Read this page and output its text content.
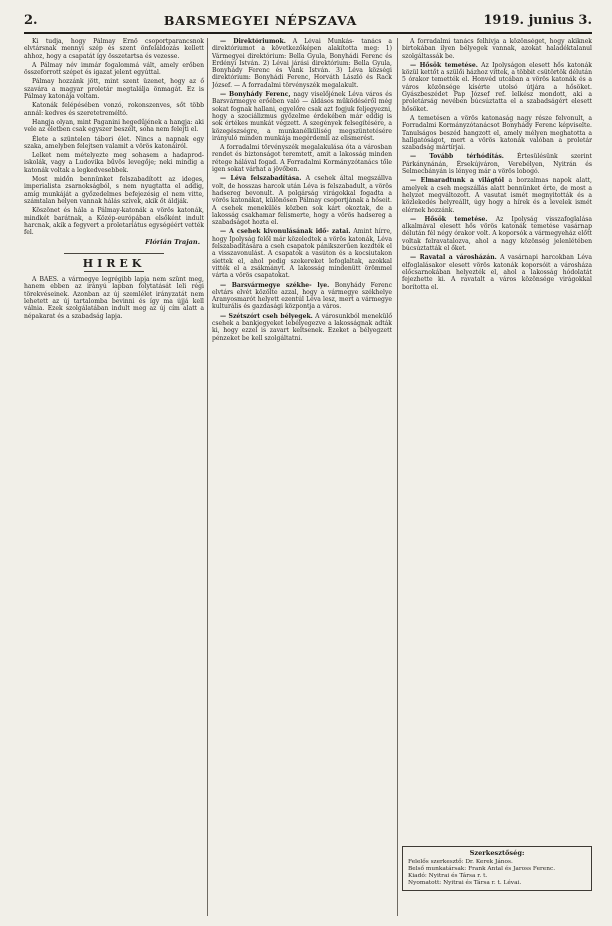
2.	BARSMEGYEI NÉPSZAVA	1919. junius 3.

Ki tudja, hogy Pálmay Ernő csoportparancsnok elvtársnak mennyi szép és szent önfeláldozás kellett ahhoz, hogy a csapatát így összetartsa és vezesse.

A Pálmay név immár fogalommá vált, amely erőben összeforrott szépet és igazat jelent egyúttal.

Pálmay hozzánk jött, mint szent üzenet, hogy az ő szavára a magyar proletár megtalálja önmagát. Ez is Pálmay katonája voltam.

Katonák felépésében vonzó, rokonszenves, sőt több annál: kedves és szeretetreméltó.

Hangja olyan, mint Paganini hegedűjének a hangja: aki vele az életben csak egyszer beszélt, soha nem felejti el.

Élete a szüntelen tábori élet. Nincs a napnak egy szaka, amelyben felejtsen valamit a vörös katonáiról.

Lelket nem mételyezte meg sohasem a hadaprod-iskolák, vagy a Ludovika bűvös levegője; neki mindig a katonák voltak a legkedvesebbek.

Most midőn bennünket felszabadított az ideges, imperialista zsarnokságból, s nem nyugtatta el addig, amíg munkáját a győzedelmes befejezésig el nem vitte, számtalan helyen vannak hálás szívek, akik őt áldják.

Köszönet és hála a Pálmay-katonák a vörös katonák, mindkét barátnak, a Közép-európában elsőként indult harcnak, akik a fegyvert a proletariátus egységéért vették fel.

Flórián Trajan.
HIREK

A BAES. a vármegye legrégibb lapja nem szünt meg, hanem ebben az irányú lapban folytatását leli régi törekvéseinek. Azonban az új szemlélet irányzatát nem lehetett az új tartalomba bevinni és így ma újjá kell válnia. Ezek szolgálatában indult meg az új cím alatt a népakarat és a szabadság lapja.

— Direktóriumok. A Lévai Munkás- tanács a direktóriumot a következőképen alakította meg: 1) Vármegyei direktórium: Bella Gyula, Bonyhádi Ferenc és Erdényi István. 2) Lévai járási direktórium: Bella Gyula, Bonyhády Ferenc és Vank István. 3) Léva községi direktórium: Bonyhádi Ferenc, Horváth László és Rack József. — A forradalmi törvényszék megalakult.

— Bonyhády Ferenc, nagy viselőjének Léva város és Barsvármegye erőében való — áldásos működéséről még sokat fognak hallani, egyelőre csak azt fogjuk feljegyezni, hogy a szociálizmus győzelme érdekében már eddig is sok értékes munkát végzett. A szegények felsegítésére, a közegészségre, a munkanélküliség megszüntetésére irányuló minden munkája megérdemli az elismerést.

A forradalmi törvényszék megalakulása óta a városban rendet és biztonságot teremtett, amit a lakosság minden rétege hálával fogad. A Forradalmi Kormányzótanács tőle igen sokat várhat a jövőben.

— Léva felszabadítása. A csehek által megszállva volt, de hosszas harcok után Léva is felszabadult, a vörös hadsereg bevonult. A polgárság virágokkal fogadta a vörös katonákat, különösen Pálmay csoportjának a hőseit. A csehek menekülés közben sok kárt okoztak, de a lakosság csakhamar felismerte, hogy a vörös hadsereg a szabadságot hozta el.

— A csehek kivonulásának idő- zatai. Amint hírre, hogy Ipolyság felől már közeledtek a vörös katonák, Léva felszabadítására a cseh csapatok pánikszerűen kezdték el a visszavonulást. A csapatok a vasúton és a kocsiutakon siettek el, ahol pedig szekereket lefoglaltak, azokkal vitték el a zsákmányt. A lakosság mindenütt örömmel várta a vörös csapatokat.

— Barsvármegye székhe- lye. Bonyhády Ferenc elvtárs elvét közölte azzal, hogy a vármegye székhelye Aranyosmarót helyett ezentúl Léva lesz, mert a vármegye kulturális és gazdasági központja a város.

— Szétszórt cseh bélyegek. A városunkból menekülő csehek a bankjegyeket lebélyegezve a lakosságnak adták ki, hogy ezzel is zavart keltsenek. Ezeket a bélyegzett pénzeket be kell szolgáltatni.

A forradalmi tanács felhívja a közönséget, hogy akiknek birtokában ilyen bélyegek vannak, azokat haladéktalanul szolgáltassák be.

— Hősök temetése. Az Ipolyságon elesett hős katonák közül kettőt a szülői házhoz vittek, a többit csütörtök délután 5 órakor temették el. Honvéd utcában a vörös katonák és a város közönsége kísérte utolsó útjára a hősöket. Gyászbeszédet Pap József ref. lelkész mondott, aki a proletárság nevében búcsúztatta el a szabadságért elesett hősöket.

A temetésen a vörös katonaság nagy része felvonult, a Forradalmi Kormányzótanácsot Bonyhády Ferenc képviselte. Tanulságos beszéd hangzott el, amely mélyen meghatotta a hallgatóságot, mert a vörös katonák valóban a proletár szabadság mártírjai.

— Tovább térhódítás. Értesülésünk szerint Párkánynánán, Érsekújváron, Verebélyen, Nyitrán és Selmecbányán is lényeg már a vörös lobogó.

— Elmaradtunk a világtól a borzalmas napok alatt, amelyek a cseh megszállás alatt bennünket érte, de most a helyzet megváltozott. A vasutat ismét megnyitották és a közlekedés helyreállt, úgy hogy a hírek és a levelek ismét elérnek hozzánk.

— Hősök temetése. Az Ipolyság visszafoglalása alkalmával elesett hős vörös katonák temetése vasárnap délután fél négy órakor volt. A koporsók a vármegyeház előtt voltak felravatalozva, ahol a nagy közönség jelenlétében búcsúztatták el őket.

— Ravatal a városházán. A vasárnapi harcokban Léva elfoglalásakor elesett vörös katonák koporsóit a városháza előcsarnokában helyezték el, ahol a lakosság hódolatát fejezhette ki. A ravatalt a város közönsége virágokkal borította el.

Szerkesztőség:
Felelős szerkesztő: Dr. Kerek János.
Belső munkatársak: Frank Antal és Jaross Ferenc.
Kiadó: Nyitrai és Társa r. t.
Nyomatott: Nyitrai és Társa r. t. Lévai.
